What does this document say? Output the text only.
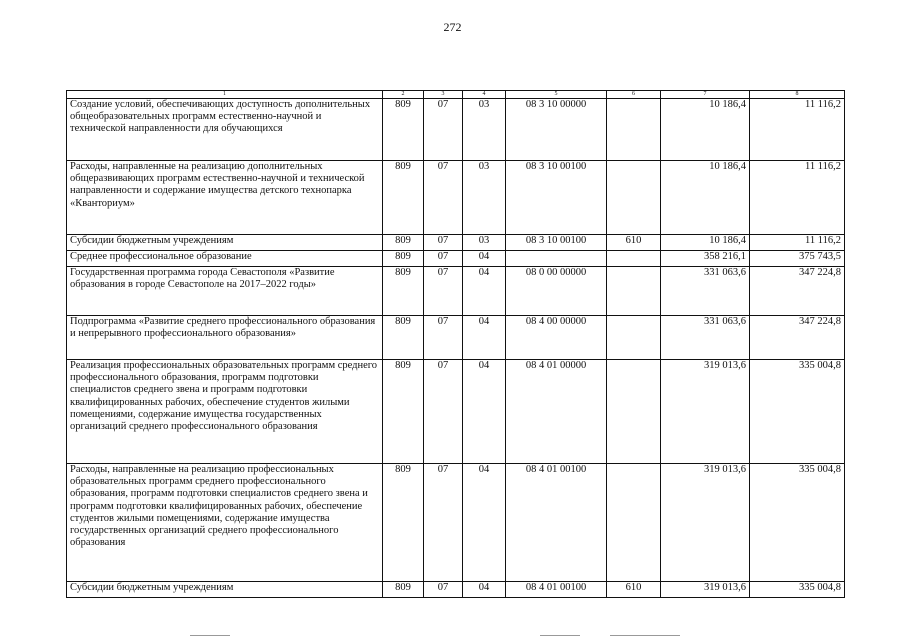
272
1	2	3	4	5	6	7	8
Создание условий, обеспечивающих доступность дополнительных общеобразовательных программ естественно-научной и технической направленности для обучающихся	809	07	03	08 3 10 00000		10 186,4	11 116,2
Расходы, направленные на реализацию дополнительных общеразвивающих программ естественно-научной и технической направленности и содержание имущества детского технопарка «Кванториум»	809	07	03	08 3 10 00100		10 186,4	11 116,2
Субсидии бюджетным учреждениям	809	07	03	08 3 10 00100	610	10 186,4	11 116,2
Среднее профессиональное образование	809	07	04			358 216,1	375 743,5
Государственная программа города Севастополя «Развитие образования в городе Севастополе на 2017–2022 годы»	809	07	04	08 0 00 00000		331 063,6	347 224,8
Подпрограмма «Развитие среднего профессионального образования и непрерывного профессионального образования»	809	07	04	08 4 00 00000		331 063,6	347 224,8
Реализация профессиональных образовательных программ среднего профессионального образования, программ подготовки специалистов среднего звена и программ подготовки квалифицированных рабочих, обеспечение студентов жилыми помещениями, содержание имущества государственных организаций среднего профессионального образования	809	07	04	08 4 01 00000		319 013,6	335 004,8
Расходы, направленные на реализацию профессиональных образовательных программ среднего профессионального образования, программ подготовки специалистов среднего звена и программ подготовки квалифицированных рабочих, обеспечение студентов жилыми помещениями, содержание имущества государственных организаций среднего профессионального образования	809	07	04	08 4 01 00100		319 013,6	335 004,8
Субсидии бюджетным учреждениям	809	07	04	08 4 01 00100	610	319 013,6	335 004,8
